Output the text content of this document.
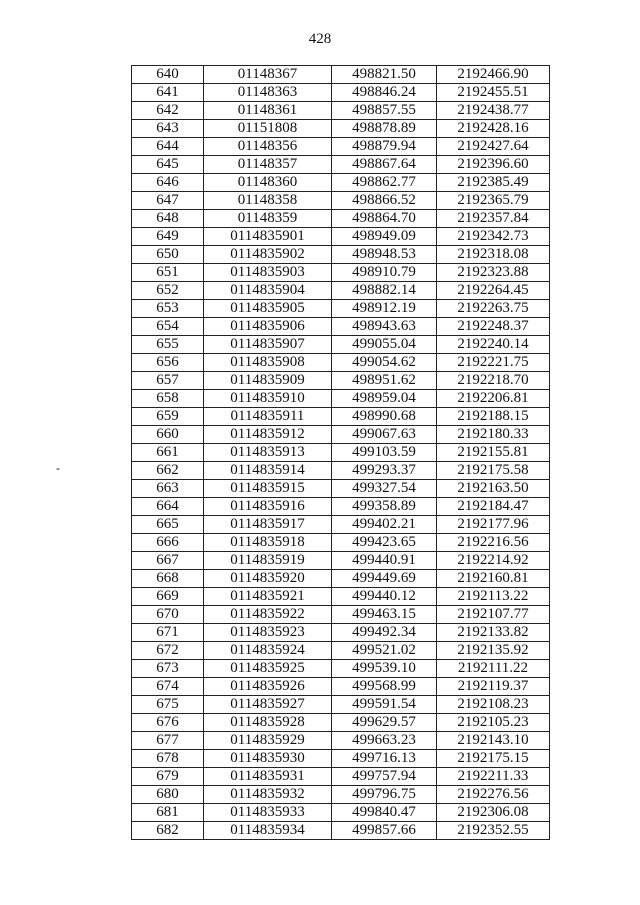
428
-
640	01148367	498821.50	2192466.90
641	01148363	498846.24	2192455.51
642	01148361	498857.55	2192438.77
643	01151808	498878.89	2192428.16
644	01148356	498879.94	2192427.64
645	01148357	498867.64	2192396.60
646	01148360	498862.77	2192385.49
647	01148358	498866.52	2192365.79
648	01148359	498864.70	2192357.84
649	0114835901	498949.09	2192342.73
650	0114835902	498948.53	2192318.08
651	0114835903	498910.79	2192323.88
652	0114835904	498882.14	2192264.45
653	0114835905	498912.19	2192263.75
654	0114835906	498943.63	2192248.37
655	0114835907	499055.04	2192240.14
656	0114835908	499054.62	2192221.75
657	0114835909	498951.62	2192218.70
658	0114835910	498959.04	2192206.81
659	0114835911	498990.68	2192188.15
660	0114835912	499067.63	2192180.33
661	0114835913	499103.59	2192155.81
662	0114835914	499293.37	2192175.58
663	0114835915	499327.54	2192163.50
664	0114835916	499358.89	2192184.47
665	0114835917	499402.21	2192177.96
666	0114835918	499423.65	2192216.56
667	0114835919	499440.91	2192214.92
668	0114835920	499449.69	2192160.81
669	0114835921	499440.12	2192113.22
670	0114835922	499463.15	2192107.77
671	0114835923	499492.34	2192133.82
672	0114835924	499521.02	2192135.92
673	0114835925	499539.10	2192111.22
674	0114835926	499568.99	2192119.37
675	0114835927	499591.54	2192108.23
676	0114835928	499629.57	2192105.23
677	0114835929	499663.23	2192143.10
678	0114835930	499716.13	2192175.15
679	0114835931	499757.94	2192211.33
680	0114835932	499796.75	2192276.56
681	0114835933	499840.47	2192306.08
682	0114835934	499857.66	2192352.55
